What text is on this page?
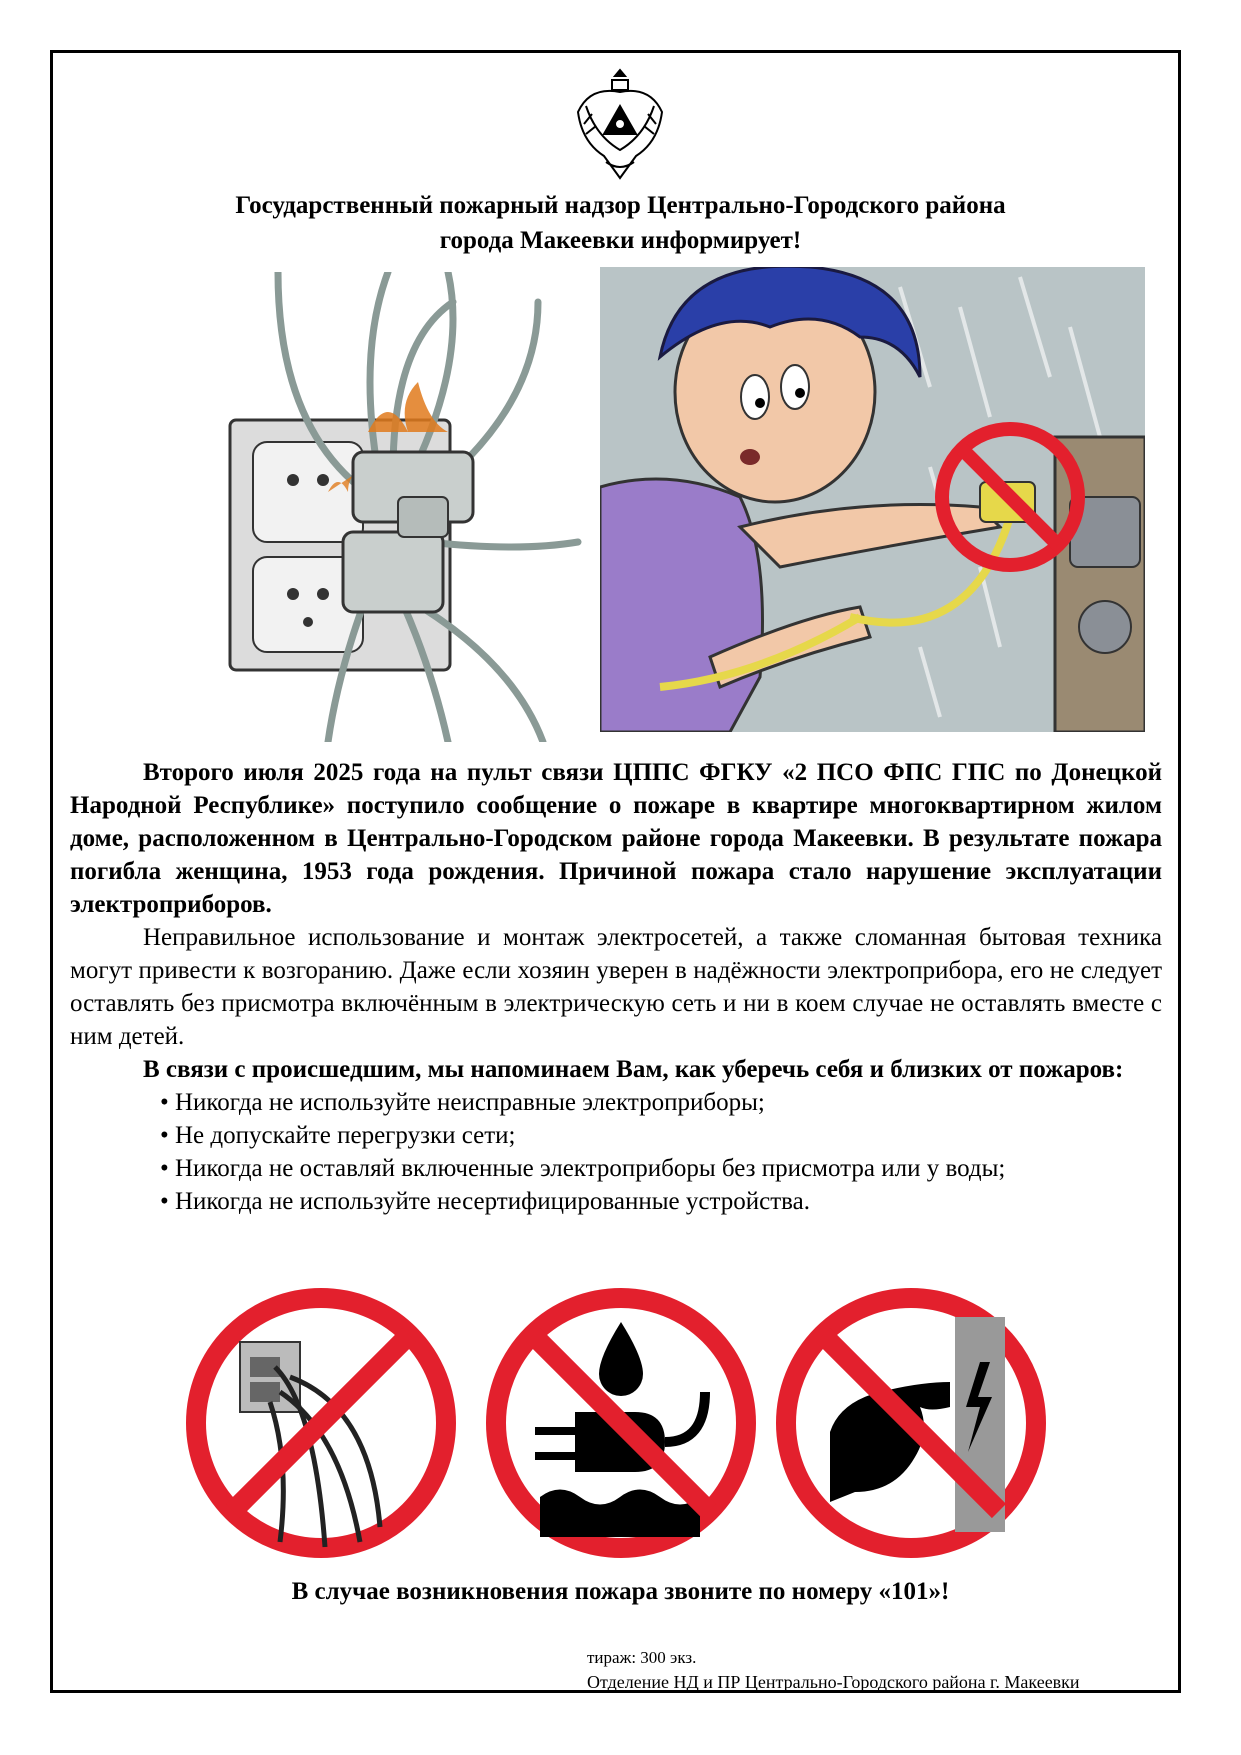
Государственный пожарный надзор Центрально-Городского района
города Макеевки информирует!

Второго июля 2025 года на пульт связи ЦППС ФГКУ «2 ПСО ФПС ГПС по Донецкой Народной Республике» поступило сообщение о пожаре в квартире многоквартирном жилом доме, расположенном в Центрально-Городском районе города Макеевки. В результате пожара погибла женщина, 1953 года рождения. Причиной пожара стало нарушение эксплуатации электроприборов.

Неправильное использование и монтаж электросетей, а также сломанная бытовая техника могут привести к возгоранию. Даже если хозяин уверен в надёжности электроприбора, его не следует оставлять без присмотра включённым в электрическую сеть и ни в коем случае не оставлять вместе с ним детей.

В связи с происшедшим, мы напоминаем Вам, как уберечь себя и близких от пожаров:

• Никогда не используйте неисправные электроприборы;
• Не допускайте перегрузки сети;
• Никогда не оставляй включенные электроприборы без присмотра или у воды;
• Никогда не используйте несертифицированные устройства.
В случае возникновения пожара звоните по номеру «101»!
тираж: 300 экз.
Отделение НД и ПР Центрально-Городского района г. Макеевки
